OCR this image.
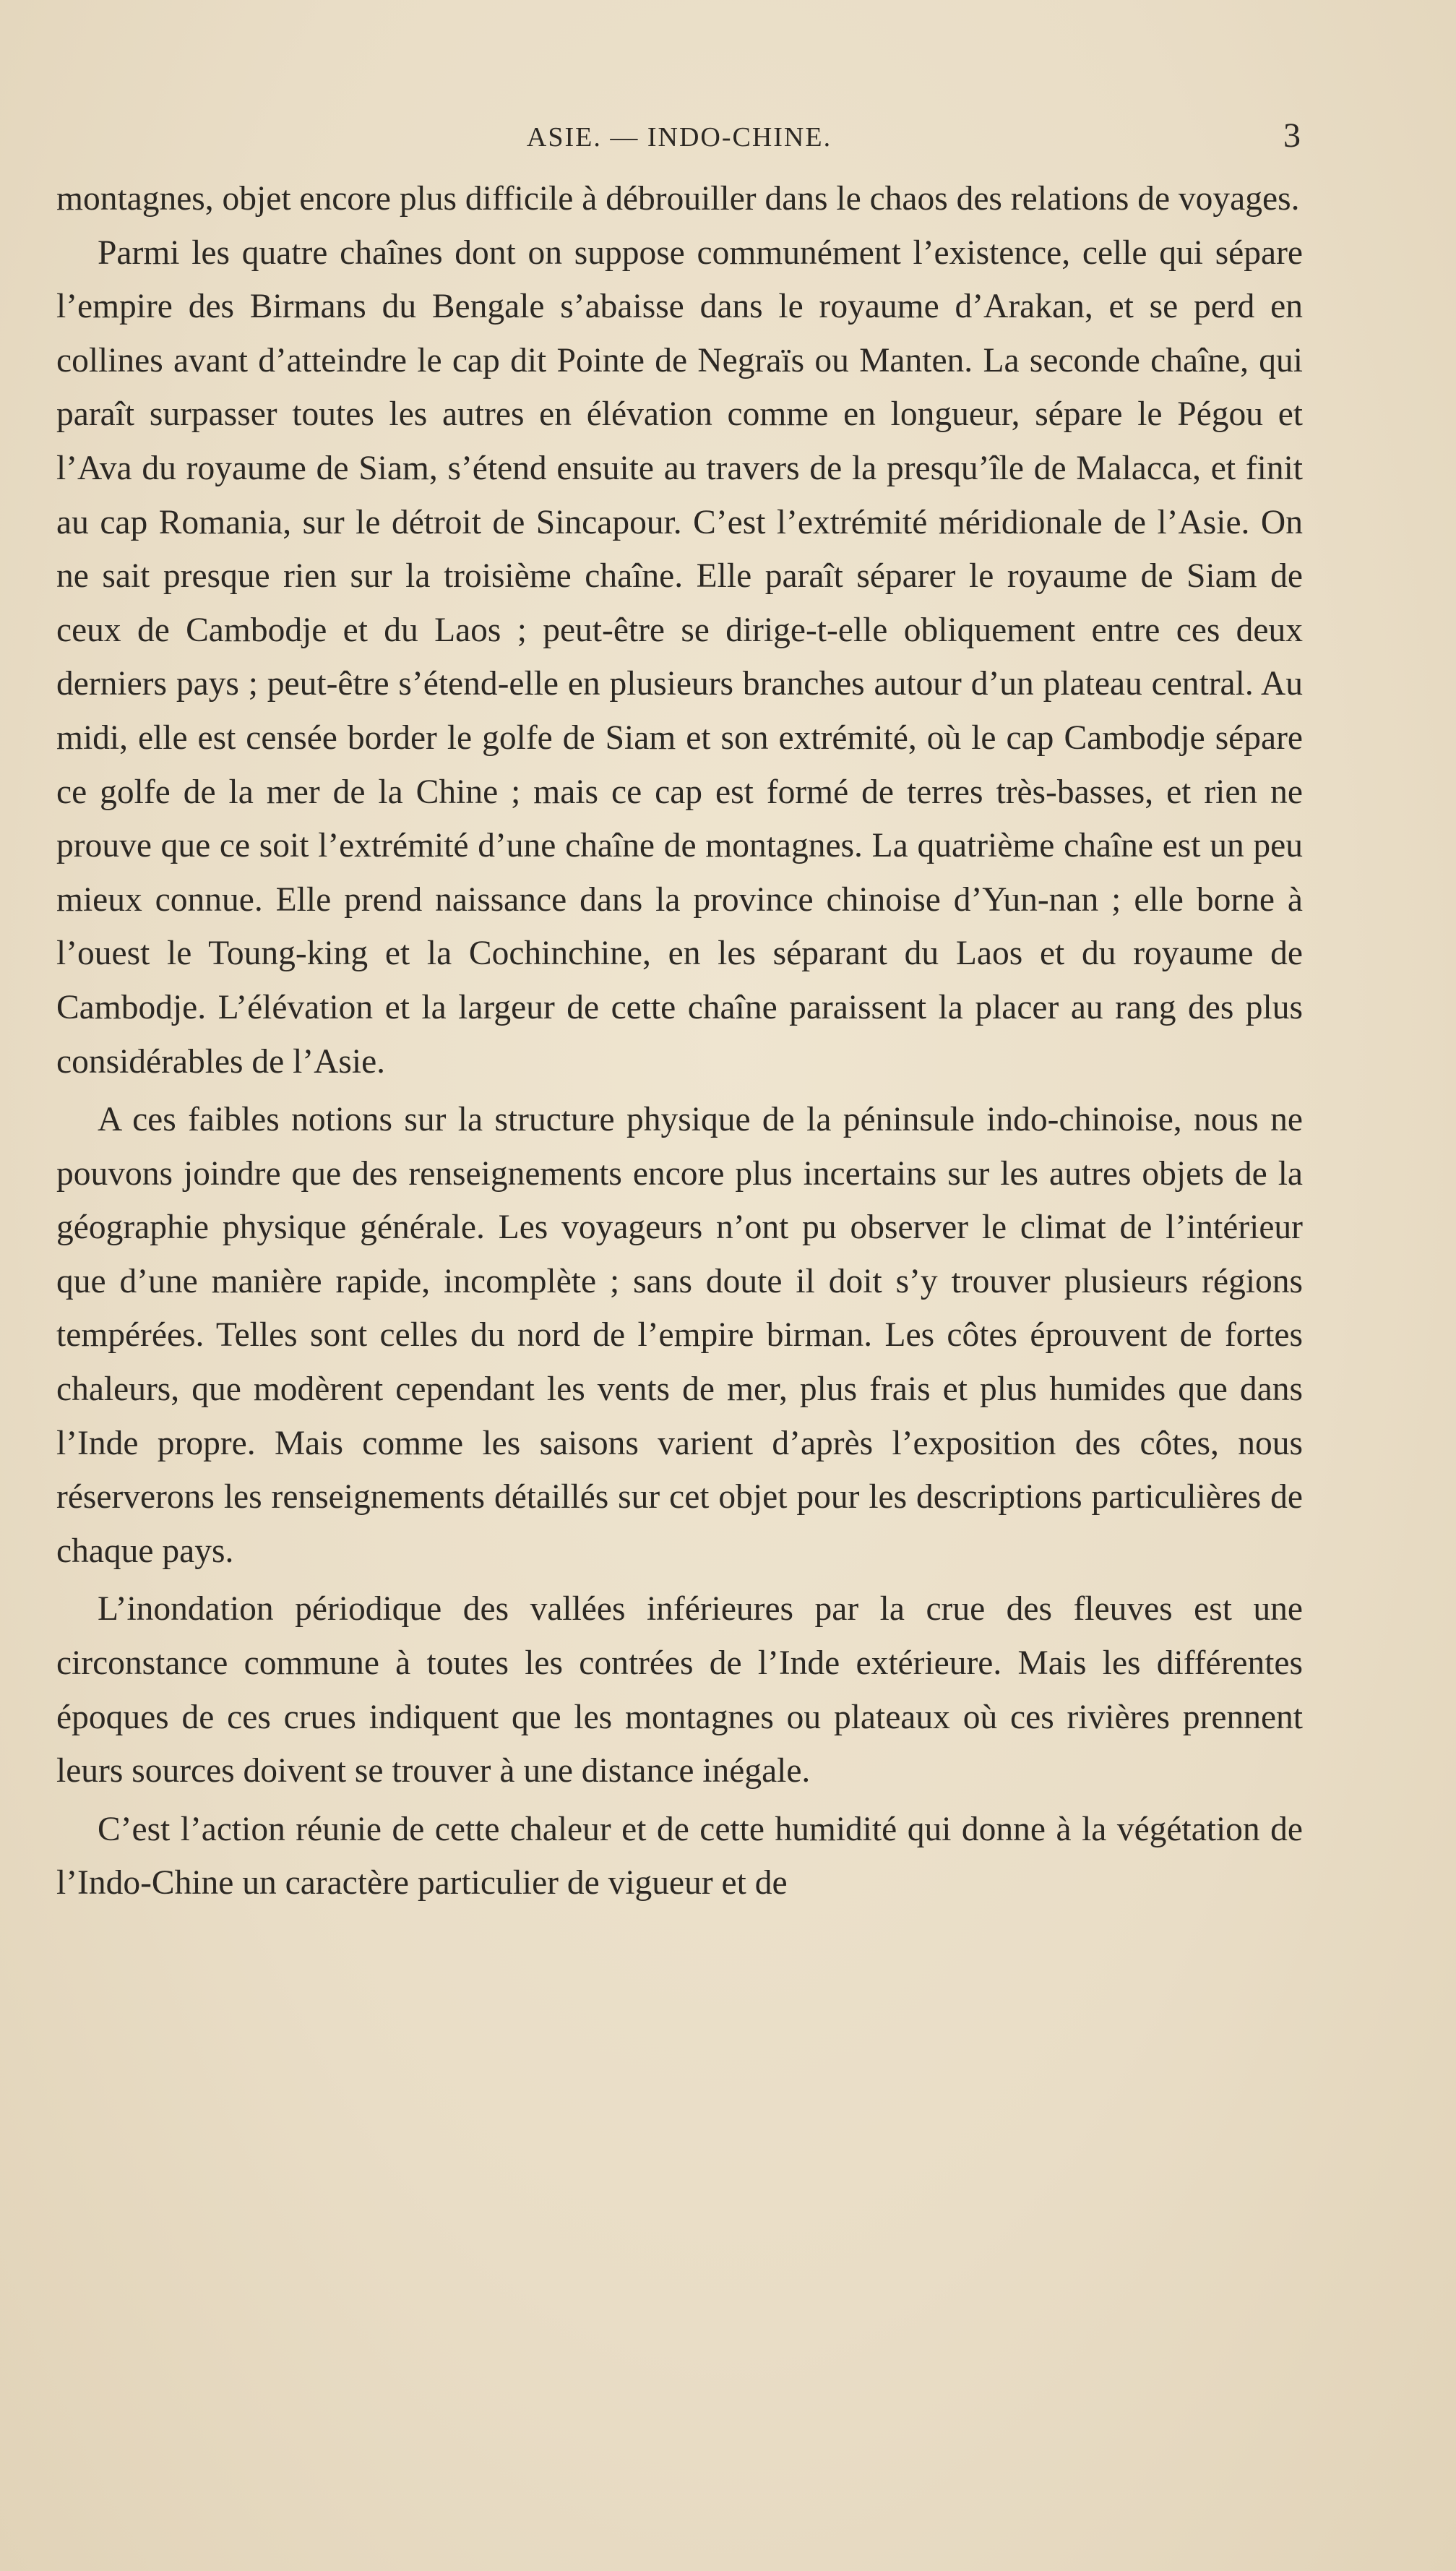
ASIE. — INDO-CHINE.	3

montagnes, objet encore plus difficile à débrouiller dans le chaos des relations de voyages.

Parmi les quatre chaînes dont on suppose communément l’existence, celle qui sépare l’empire des Birmans du Bengale s’abaisse dans le royaume d’Arakan, et se perd en collines avant d’atteindre le cap dit Pointe de Negraïs ou Manten. La seconde chaîne, qui paraît surpasser toutes les autres en élévation comme en longueur, sépare le Pégou et l’Ava du royaume de Siam, s’étend ensuite au travers de la presqu’île de Malacca, et finit au cap Romania, sur le détroit de Sincapour. C’est l’extrémité méridionale de l’Asie. On ne sait presque rien sur la troisième chaîne. Elle paraît séparer le royaume de Siam de ceux de Cambodje et du Laos ; peut-être se dirige-t-elle obliquement entre ces deux derniers pays ; peut-être s’étend-elle en plusieurs branches autour d’un plateau central. Au midi, elle est censée border le golfe de Siam et son extrémité, où le cap Cambodje sépare ce golfe de la mer de la Chine ; mais ce cap est formé de terres très-basses, et rien ne prouve que ce soit l’extrémité d’une chaîne de montagnes. La quatrième chaîne est un peu mieux connue. Elle prend naissance dans la province chinoise d’Yun-nan ; elle borne à l’ouest le Toung-king et la Cochinchine, en les séparant du Laos et du royaume de Cambodje. L’élévation et la largeur de cette chaîne paraissent la placer au rang des plus considérables de l’Asie.

A ces faibles notions sur la structure physique de la péninsule indo-chinoise, nous ne pouvons joindre que des renseignements encore plus incertains sur les autres objets de la géographie physique générale. Les voyageurs n’ont pu observer le climat de l’intérieur que d’une manière rapide, incomplète ; sans doute il doit s’y trouver plusieurs régions tempérées. Telles sont celles du nord de l’empire birman. Les côtes éprouvent de fortes chaleurs, que modèrent cependant les vents de mer, plus frais et plus humides que dans l’Inde propre. Mais comme les saisons varient d’après l’exposition des côtes, nous réserverons les renseignements détaillés sur cet objet pour les descriptions particulières de chaque pays.

L’inondation périodique des vallées inférieures par la crue des fleuves est une circonstance commune à toutes les contrées de l’Inde extérieure. Mais les différentes époques de ces crues indiquent que les montagnes ou plateaux où ces rivières prennent leurs sources doivent se trouver à une distance inégale.

C’est l’action réunie de cette chaleur et de cette humidité qui donne à la végétation de l’Indo-Chine un caractère particulier de vigueur et de
